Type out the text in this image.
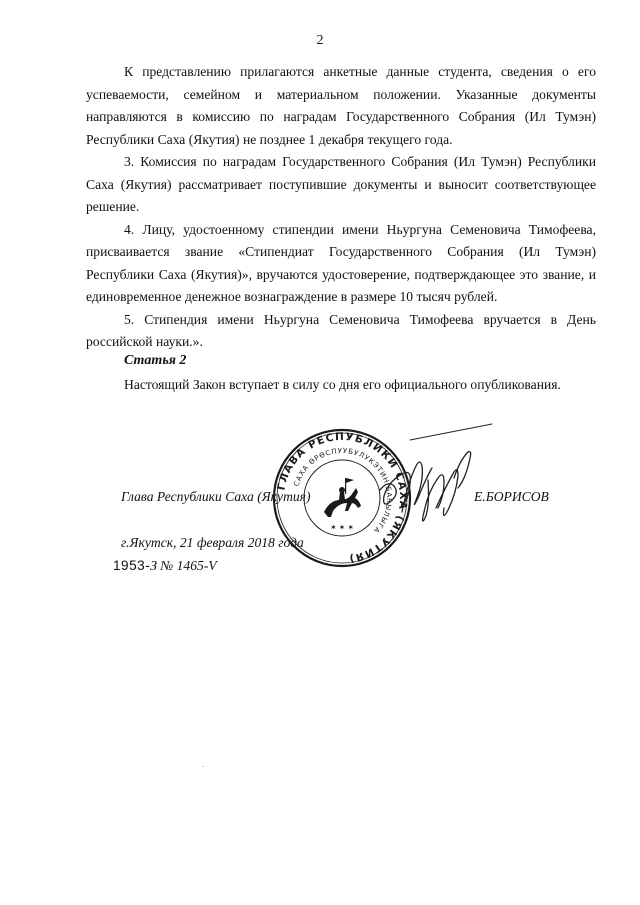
2

К представлению прилагаются анкетные данные студента, сведения о его успеваемости, семейном и материальном положении. Указанные документы направляются в комиссию по наградам Государственного Собрания (Ил Тумэн) Республики Саха (Якутия) не позднее 1 декабря текущего года.

3. Комиссия по наградам Государственного Собрания (Ил Тумэн) Республики Саха (Якутия) рассматривает поступившие документы и выносит соответствующее решение.

4. Лицу, удостоенному стипендии имени Ньургуна Семеновича Тимофеева, присваивается звание «Стипендиат Государственного Собрания (Ил Тумэн) Республики Саха (Якутия)», вручаются удостоверение, подтверждающее это звание, и единовременное денежное вознаграждение в размере 10 тысяч рублей.

5. Стипендия имени Ньургуна Семеновича Тимофеева вручается в День российской науки.».

Статья 2
Настоящий Закон вступает в силу со дня его официального опубликования.
Глава Республики Саха (Якутия)	Е.БОРИСОВ
г.Якутск, 21 февраля 2018 года
1953-З № 1465-V
ГЛАВА РЕСПУБЛИКИ САХА (ЯКУТИЯ)
САХА ӨРӨСПУУБУЛУКЭТИН БАҺЫЛЫГА
✶ ✶ ✶
